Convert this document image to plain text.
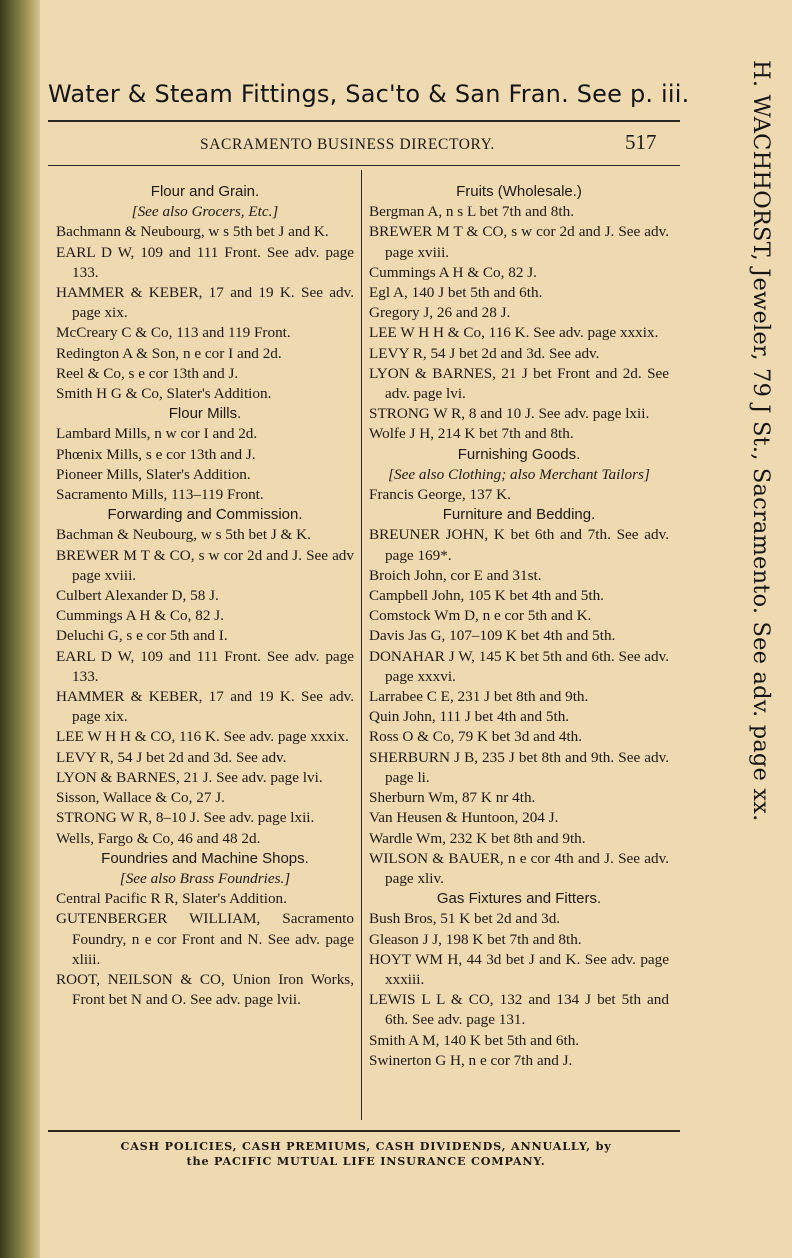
Water & Steam Fittings, Sac'to & San Fran. See p. iii.
SACRAMENTO BUSINESS DIRECTORY.	517
Flour and Grain.
[See also Grocers, Etc.]
Bachmann & Neubourg, w s 5th bet J and K.
EARL D W, 109 and 111 Front. See adv. page 133.
HAMMER & KEBER, 17 and 19 K. See adv. page xix.
McCreary C & Co, 113 and 119 Front.
Redington A & Son, n e cor I and 2d.
Reel & Co, s e cor 13th and J.
Smith H G & Co, Slater's Addition.
Flour Mills.
Lambard Mills, n w cor I and 2d.
Phœnix Mills, s e cor 13th and J.
Pioneer Mills, Slater's Addition.
Sacramento Mills, 113–119 Front.
Forwarding and Commission.
Bachman & Neubourg, w s 5th bet J & K.
BREWER M T & CO, s w cor 2d and J. See adv page xviii.
Culbert Alexander D, 58 J.
Cummings A H & Co, 82 J.
Deluchi G, s e cor 5th and I.
EARL D W, 109 and 111 Front. See adv. page 133.
HAMMER & KEBER, 17 and 19 K. See adv. page xix.
LEE W H H & CO, 116 K. See adv. page xxxix.
LEVY R, 54 J bet 2d and 3d. See adv.
LYON & BARNES, 21 J. See adv. page lvi.
Sisson, Wallace & Co, 27 J.
STRONG W R, 8–10 J. See adv. page lxii.
Wells, Fargo & Co, 46 and 48 2d.
Foundries and Machine Shops.
[See also Brass Foundries.]
Central Pacific R R, Slater's Addition.
GUTENBERGER WILLIAM, Sacramento Foundry, n e cor Front and N. See adv. page xliii.
ROOT, NEILSON & CO, Union Iron Works, Front bet N and O. See adv. page lvii.
Fruits (Wholesale.)
Bergman A, n s L bet 7th and 8th.
BREWER M T & CO, s w cor 2d and J. See adv. page xviii.
Cummings A H & Co, 82 J.
Egl A, 140 J bet 5th and 6th.
Gregory J, 26 and 28 J.
LEE W H H & Co, 116 K. See adv. page xxxix.
LEVY R, 54 J bet 2d and 3d. See adv.
LYON & BARNES, 21 J bet Front and 2d. See adv. page lvi.
STRONG W R, 8 and 10 J. See adv. page lxii.
Wolfe J H, 214 K bet 7th and 8th.
Furnishing Goods.
[See also Clothing; also Merchant Tailors]
Francis George, 137 K.
Furniture and Bedding.
BREUNER JOHN, K bet 6th and 7th. See adv. page 169*.
Broich John, cor E and 31st.
Campbell John, 105 K bet 4th and 5th.
Comstock Wm D, n e cor 5th and K.
Davis Jas G, 107–109 K bet 4th and 5th.
DONAHAR J W, 145 K bet 5th and 6th. See adv. page xxxvi.
Larrabee C E, 231 J bet 8th and 9th.
Quin John, 111 J bet 4th and 5th.
Ross O & Co, 79 K bet 3d and 4th.
SHERBURN J B, 235 J bet 8th and 9th. See adv. page li.
Sherburn Wm, 87 K nr 4th.
Van Heusen & Huntoon, 204 J.
Wardle Wm, 232 K bet 8th and 9th.
WILSON & BAUER, n e cor 4th and J. See adv. page xliv.
Gas Fixtures and Fitters.
Bush Bros, 51 K bet 2d and 3d.
Gleason J J, 198 K bet 7th and 8th.
HOYT WM H, 44 3d bet J and K. See adv. page xxxiii.
LEWIS L L & CO, 132 and 134 J bet 5th and 6th. See adv. page 131.
Smith A M, 140 K bet 5th and 6th.
Swinerton G H, n e cor 7th and J.
H. WACHHORST, Jeweler, 79 J St., Sacramento. See adv. page xx.
CASH POLICIES, CASH PREMIUMS, CASH DIVIDENDS, ANNUALLY, by
the PACIFIC MUTUAL LIFE INSURANCE COMPANY.
